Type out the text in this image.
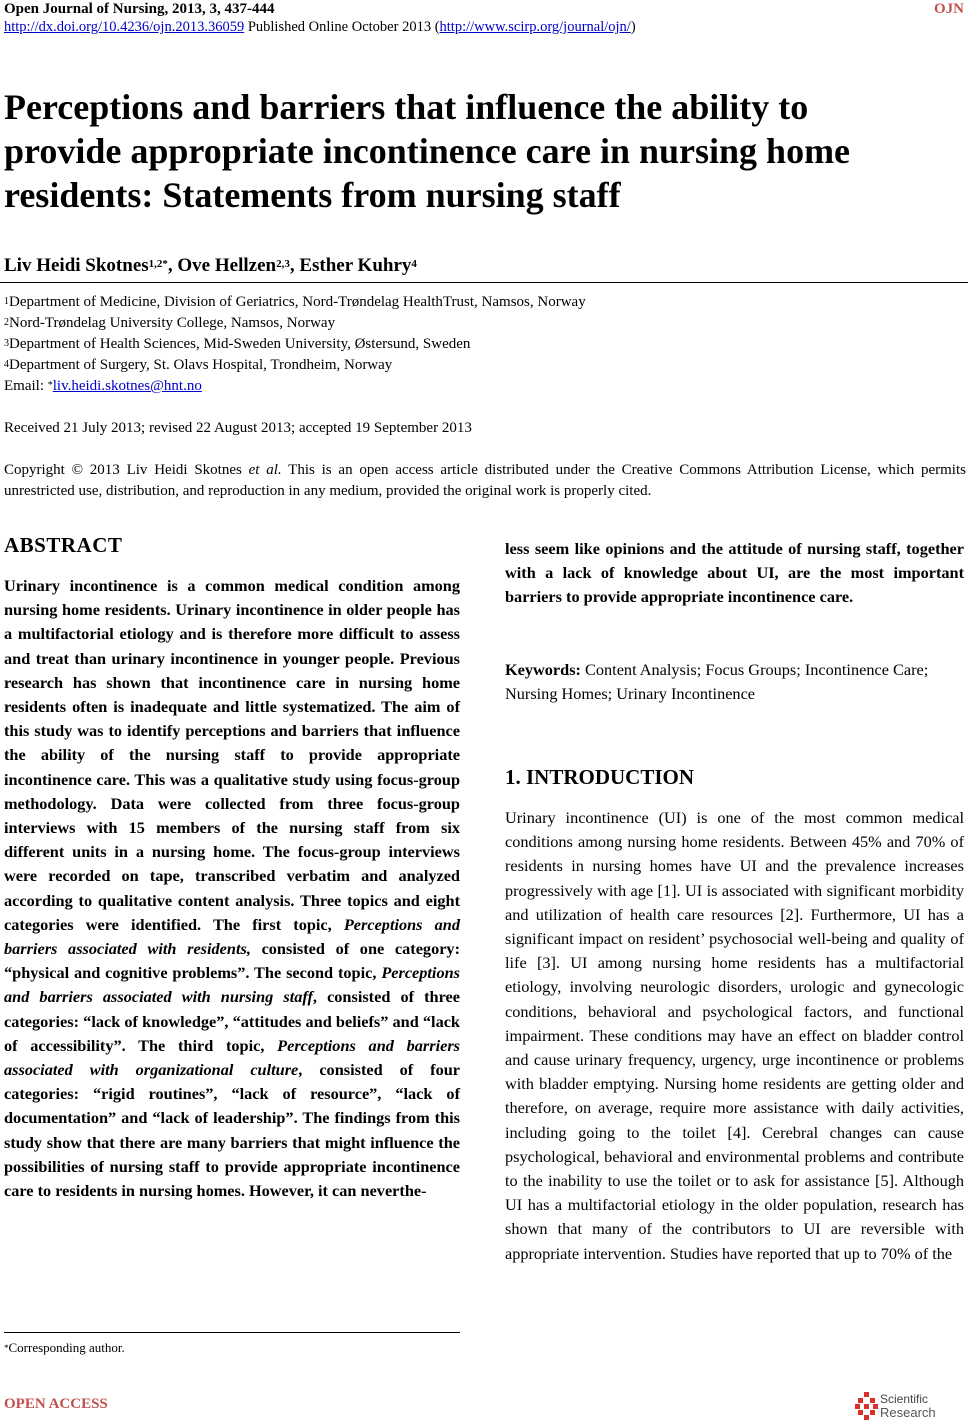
Open Journal of Nursing, 2013, 3, 437-444	OJN
http://dx.doi.org/10.4236/ojn.2013.36059 Published Online October 2013 (http://www.scirp.org/journal/ojn/)
Perceptions and barriers that influence the ability to provide appropriate incontinence care in nursing home residents: Statements from nursing staff
Liv Heidi Skotnes$^{1,2*}$, Ove Hellzen$^{2,3}$, Esther Kuhry$^4$
$^1$Department of Medicine, Division of Geriatrics, Nord-Trøndelag HealthTrust, Namsos, Norway
$^2$Nord-Trøndelag University College, Namsos, Norway
$^3$Department of Health Sciences, Mid-Sweden University, Østersund, Sweden
$^4$Department of Surgery, St. Olavs Hospital, Trondheim, Norway
Email: *liv.heidi.skotnes@hnt.no
Received 21 July 2013; revised 22 August 2013; accepted 19 September 2013
Copyright © 2013 Liv Heidi Skotnes et al. This is an open access article distributed under the Creative Commons Attribution License, which permits unrestricted use, distribution, and reproduction in any medium, provided the original work is properly cited.
ABSTRACT
Urinary incontinence is a common medical condition among nursing home residents. Urinary incontinence in older people has a multifactorial etiology and is therefore more difficult to assess and treat than urinary incontinence in younger people. Previous research has shown that incontinence care in nursing home residents often is inadequate and little systematized. The aim of this study was to identify perceptions and barriers that influence the ability of the nursing staff to provide appropriate incontinence care. This was a qualitative study using focus-group methodology. Data were collected from three focus-group interviews with 15 members of the nursing staff from six different units in a nursing home. The focus-group interviews were recorded on tape, transcribed verbatim and analyzed according to qualitative content analysis. Three topics and eight categories were identified. The first topic, Perceptions and barriers associated with residents, consisted of one category: “physical and cognitive problems”. The second topic, Perceptions and barriers associated with nursing staff, consisted of three categories: “lack of knowledge”, “attitudes and beliefs” and “lack of accessibility”. The third topic, Perceptions and barriers associated with organizational culture, consisted of four categories: “rigid routines”, “lack of resource”, “lack of documentation” and “lack of leadership”. The findings from this study show that there are many barriers that might influence the possibilities of nursing staff to provide appropriate incontinence care to residents in nursing homes. However, it can neverthe-
less seem like opinions and the attitude of nursing staff, together with a lack of knowledge about UI, are the most important barriers to provide appropriate incontinence care.
Keywords: Content Analysis; Focus Groups; Incontinence Care; Nursing Homes; Urinary Incontinence
1. INTRODUCTION
Urinary incontinence (UI) is one of the most common medical conditions among nursing home residents. Between 45% and 70% of residents in nursing homes have UI and the prevalence increases progressively with age [1]. UI is associated with significant morbidity and utilization of health care resources [2]. Furthermore, UI has a significant impact on resident’ psychosocial well-being and quality of life [3]. UI among nursing home residents has a multifactorial etiology, involving neurologic disorders, urologic and gynecologic conditions, behavioral and psychological factors, and functional impairment. These conditions may have an effect on bladder control and cause urinary frequency, urgency, urge incontinence or problems with bladder emptying. Nursing home residents are getting older and therefore, on average, require more assistance with daily activities, including going to the toilet [4]. Cerebral changes can cause psychological, behavioral and environmental problems and contribute to the inability to use the toilet or to ask for assistance [5]. Although UI has a multifactorial etiology in the older population, research has shown that many of the contributors to UI are reversible with appropriate intervention. Studies have reported that up to 70% of the
*Corresponding author.
OPEN ACCESS	Scientific
Research
